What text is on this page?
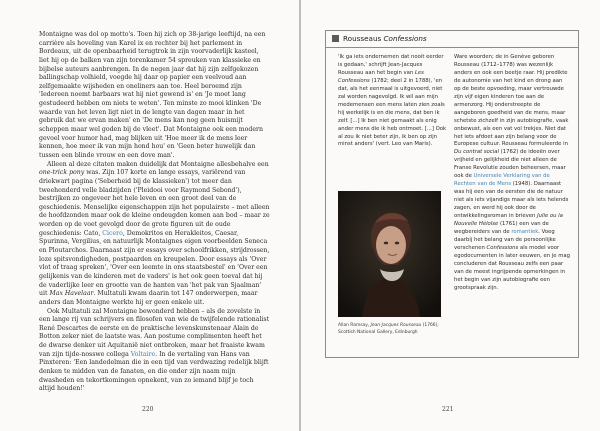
Montaigne was dol op motto's. Toen hij zich op 38-jarige leeftijd, na een carrière als hoveling van Karel ix en rechter bij het parlement in Bordeaux, uit de openbaarheid terugtrok in zijn voorvaderlijk kasteel, liet hij op de balken van zijn torenkamer 54 spreuken van klassieke en bijbelse auteurs aanbrengen. In de negen jaar dat hij zijn zelfgekozen ballingschap volhield, voegde hij daar op papier een veelvoud aan zelfgemaakte wijsheden en oneliners aan toe. Heel beroemd zijn 'Iedereen noemt barbaars wat hij niet gewend is' en 'Je moet lang gestudeerd hebben om niets te weten'. Ten minste zo mooi klinken 'De waarde van het leven ligt niet in de lengte van dagen maar in het gebruik dat we ervan maken' en 'De mens kan nog geen huismijt scheppen maar wel goden bij de vleet'. Dat Montaigne ook een modern gevoel voor humor had, mag blijken uit 'Hoe meer ik de mens leer kennen, hoe meer ik van mijn hond hou' en 'Geen beter huwelijk dan tussen een blinde vrouw en een dove man'.

Alleen al deze citaten maken duidelijk dat Montaigne allesbehalve een one-trick pony was. Zijn 107 korte en lange essays, variërend van driekwart pagina ('Seberheid bij de klassieken') tot meer dan tweehonderd velle bladzijden ('Pleidooi voor Raymond Sebond'), bestrijken zo ongeveer het hele leven en een groot deel van de geschiedenis. Menselijke eigenschappen zijn het populairste – met alleen de hoofdzonden maar ook de kleine ondeugden komen aan bod – maar ze worden op de voet gevolgd door de grote figuren uit de oude geschiedenis: Cato, Cicero, Demokritos en Herakleitos, Caesar, Spurinna, Vergilius, en natuurlijk Montaignes eigen voorbeelden Seneca en Ploutarchos. Daarnaast zijn er essays over schoolfrikken, strijdrossen, loze spitsvondigheden, postpaarden en kreupelen. Door essays als 'Over vlot of traag spreken', 'Over een leemte in ons staatsbestel' en 'Over een gelijkenis van de kinderen met de vaders' is het ook geen toeval dat hij de vaderlijke leer en grootte van de hanten van 'het pak van Sjaalman' uit Max Havelaar. Multatuli kwam daarin tot 147 onderwerpen, maar anders dan Montaigne werkte hij er geen enkele uit.

Ook Multatuli zal Montaigne bewonderd hebben – als de zovelste in een lange rij van schrijvers en filosofen van wie de twijfelende rationalist René Descartes de eerste en de praktische levenskunstenaar Alain de Botton zeker niet de laatste was. Aan postume complimenten heeft het de dwarse denker uit Aquitanië niet ontbroken, maar het fraaiste kwam van zijn tijde-nosswe collega Voltaire. In de vertaling van Hans van Pinxteren: 'Een landedelman die in een tijd van verdwazing redelijk blijft denken te midden van de fanaten, en die onder zijn naam mijn dwasheden en tekortkomingen opnekent, van zo iemand blijf je toch altijd houden!'

220
Rousseaus Confessions

'Ik ga iets ondernemen dat nooit eerder is gedaan,' schrijft Jean-Jacques Rousseau aan het begin van Les Confessions (1782; deel 2 in 1788), 'en dat, als het eenmaal is uitgevoerd, niet zal worden nagevolgd. Ik wil aan mijn medemensen een mens laten zien zoals hij werkelijk is en die mens, dat ben ik zelf. [...] Ik ben niet gemaakt als enig ander mens die ik heb ontmoet. [...] Ook al zou ik niet beter zijn, ik ben op zijn minst anders' (vert. Leo van Maris).

Allan Ramsay, Jean-Jacques Rousseau (1766), Scottish National Gallery, Edinburgh

Ware woorden; de in Genève geboren Rousseau (1712–1778) was wezenlijk anders en ook een beetje raar. Hij predikte de autonomie van het kind en drong aan op de beste opvoeding, maar vertrouwde zijn vijf eigen kinderen toe aan de armenzorg. Hij onderstreepte de aangeboren goedheid van de mens, maar schetste zichzelf in zijn autobiografie, vaak onbewust, als een vat vol trekjes. Niet dat het iets afdoet aan zijn belang voor de Europese cultuur. Rousseau formuleerde in Du contrat social (1762) de ideeën over vrijheid en gelijkheid die niet alleen de Franse Revolutie zouden beheersen, maar ook de Universele Verklaring van de Rechten van de Mens (1948). Daarnaast was hij een van de eersten die de natuur niet als iets vijandigs maar als iets helends zagen, en werd hij ook door de ontwikkelingsroman in brieven Julie ou la Nouvelle Héloïse (1761) een van de wegbereiders van de romantiek. Voeg daarbij het belang van de persoonlijke verschenen Confessions als model voor egodocumenten in later eeuwen, en je mag concluderen dat Rousseau zelfs een paar van de meest ingrijpende opmerkingen in het begin van zijn autobiografie een grootspraak zijn.

221
